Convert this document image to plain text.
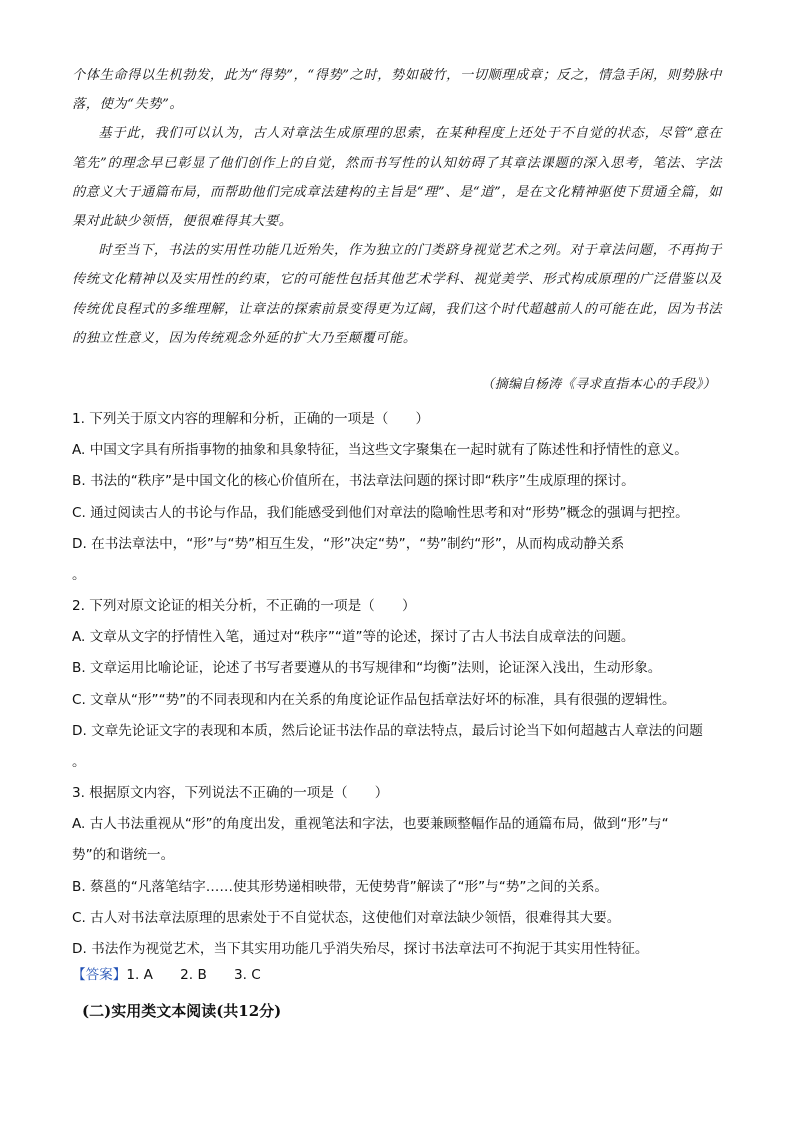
个体生命得以生机勃发，此为“得势”，“得势”之时，势如破竹，一切顺理成章；反之，情急手闲，则势脉中落，使为“失势”。

基于此，我们可以认为，古人对章法生成原理的思索，在某种程度上还处于不自觉的状态，尽管“意在笔先”的理念早已彰显了他们创作上的自觉，然而书写性的认知妨碍了其章法课题的深入思考，笔法、字法的意义大于通篇布局，而帮助他们完成章法建构的主旨是“理”、是“道”，是在文化精神驱使下贯通全篇，如果对此缺少领悟，便很难得其大要。

时至当下，书法的实用性功能几近殆失，作为独立的门类跻身视觉艺术之列。对于章法问题，不再拘于传统文化精神以及实用性的约束，它的可能性包括其他艺术学科、视觉美学、形式构成原理的广泛借鉴以及传统优良程式的多维理解，让章法的探索前景变得更为辽阔，我们这个时代超越前人的可能在此，因为书法的独立性意义，因为传统观念外延的扩大乃至颠覆可能。

（摘编自杨涛《寻求直指本心的手段》）

1. 下列关于原文内容的理解和分析，正确的一项是（　　）

A. 中国文字具有所指事物的抽象和具象特征，当这些文字聚集在一起时就有了陈述性和抒情性的意义。

B. 书法的“秩序”是中国文化的核心价值所在，书法章法问题的探讨即“秩序”生成原理的探讨。

C. 通过阅读古人的书论与作品，我们能感受到他们对章法的隐喻性思考和对“形势”概念的强调与把控。

D. 在书法章法中，“形”与“势”相互生发，“形”决定“势”，“势”制约“形”，从而构成动静关系

。

2. 下列对原文论证的相关分析，不正确的一项是（　　）

A. 文章从文字的抒情性入笔，通过对“秩序”“道”等的论述，探讨了古人书法自成章法的问题。

B. 文章运用比喻论证，论述了书写者要遵从的书写规律和“均衡”法则，论证深入浅出，生动形象。

C. 文章从“形”“势”的不同表现和内在关系的角度论证作品包括章法好坏的标准，具有很强的逻辑性。

D. 文章先论证文字的表现和本质，然后论证书法作品的章法特点，最后讨论当下如何超越古人章法的问题

。

3. 根据原文内容，下列说法不正确的一项是（　　）

A. 古人书法重视从“形”的角度出发，重视笔法和字法，也要兼顾整幅作品的通篇布局，做到“形”与“

势”的和谐统一。

B. 蔡邕的“凡落笔结字……使其形势递相映带，无使势背”解读了“形”与“势”之间的关系。

C. 古人对书法章法原理的思索处于不自觉状态，这使他们对章法缺少领悟，很难得其大要。

D. 书法作为视觉艺术，当下其实用功能几乎消失殆尽，探讨书法章法可不拘泥于其实用性特征。

【答案】1. A　　2. B　　3. C
(二)实用类文本阅读(共12分)
